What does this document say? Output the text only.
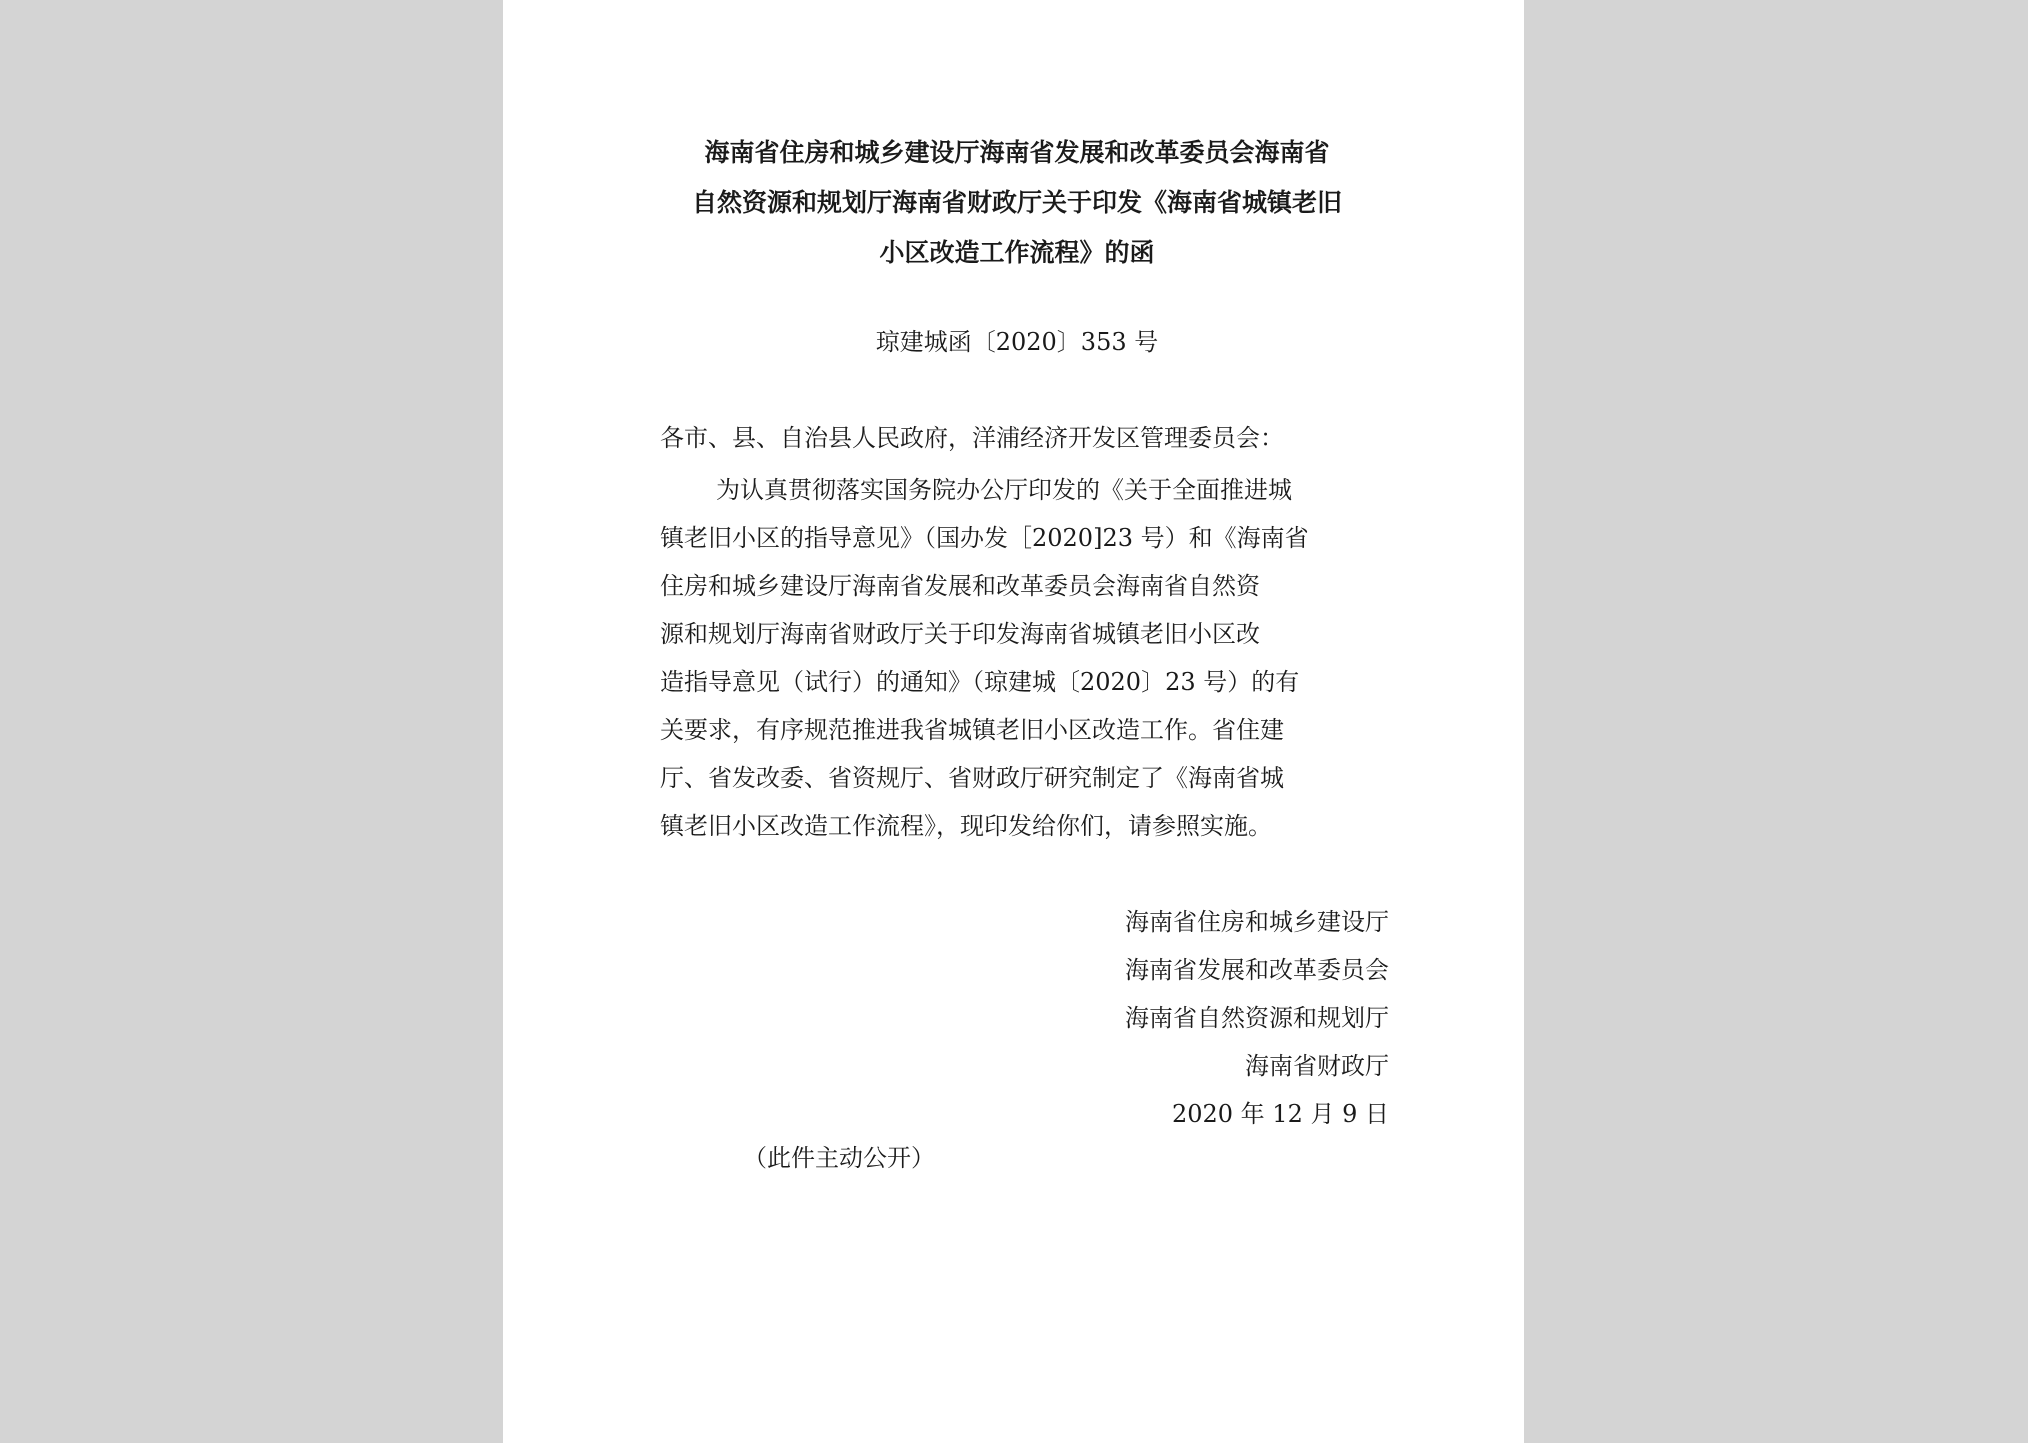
海南省住房和城乡建设厅海南省发展和改革委员会海南省
自然资源和规划厅海南省财政厅关于印发《海南省城镇老旧
小区改造工作流程》的函
琼建城函〔2020〕353 号
各市、县、自治县人民政府，洋浦经济开发区管理委员会：
为认真贯彻落实国务院办公厅印发的《关于全面推进城
镇老旧小区的指导意见》（国办发［2020]23 号）和《海南省
住房和城乡建设厅海南省发展和改革委员会海南省自然资
源和规划厅海南省财政厅关于印发海南省城镇老旧小区改
造指导意见（试行）的通知》（琼建城〔2020〕23 号）的有
关要求，有序规范推进我省城镇老旧小区改造工作。省住建
厅、省发改委、省资规厅、省财政厅研究制定了《海南省城
镇老旧小区改造工作流程》，现印发给你们，请参照实施。
海南省住房和城乡建设厅
海南省发展和改革委员会
海南省自然资源和规划厅
海南省财政厅
2020 年 12 月 9 日
（此件主动公开）
